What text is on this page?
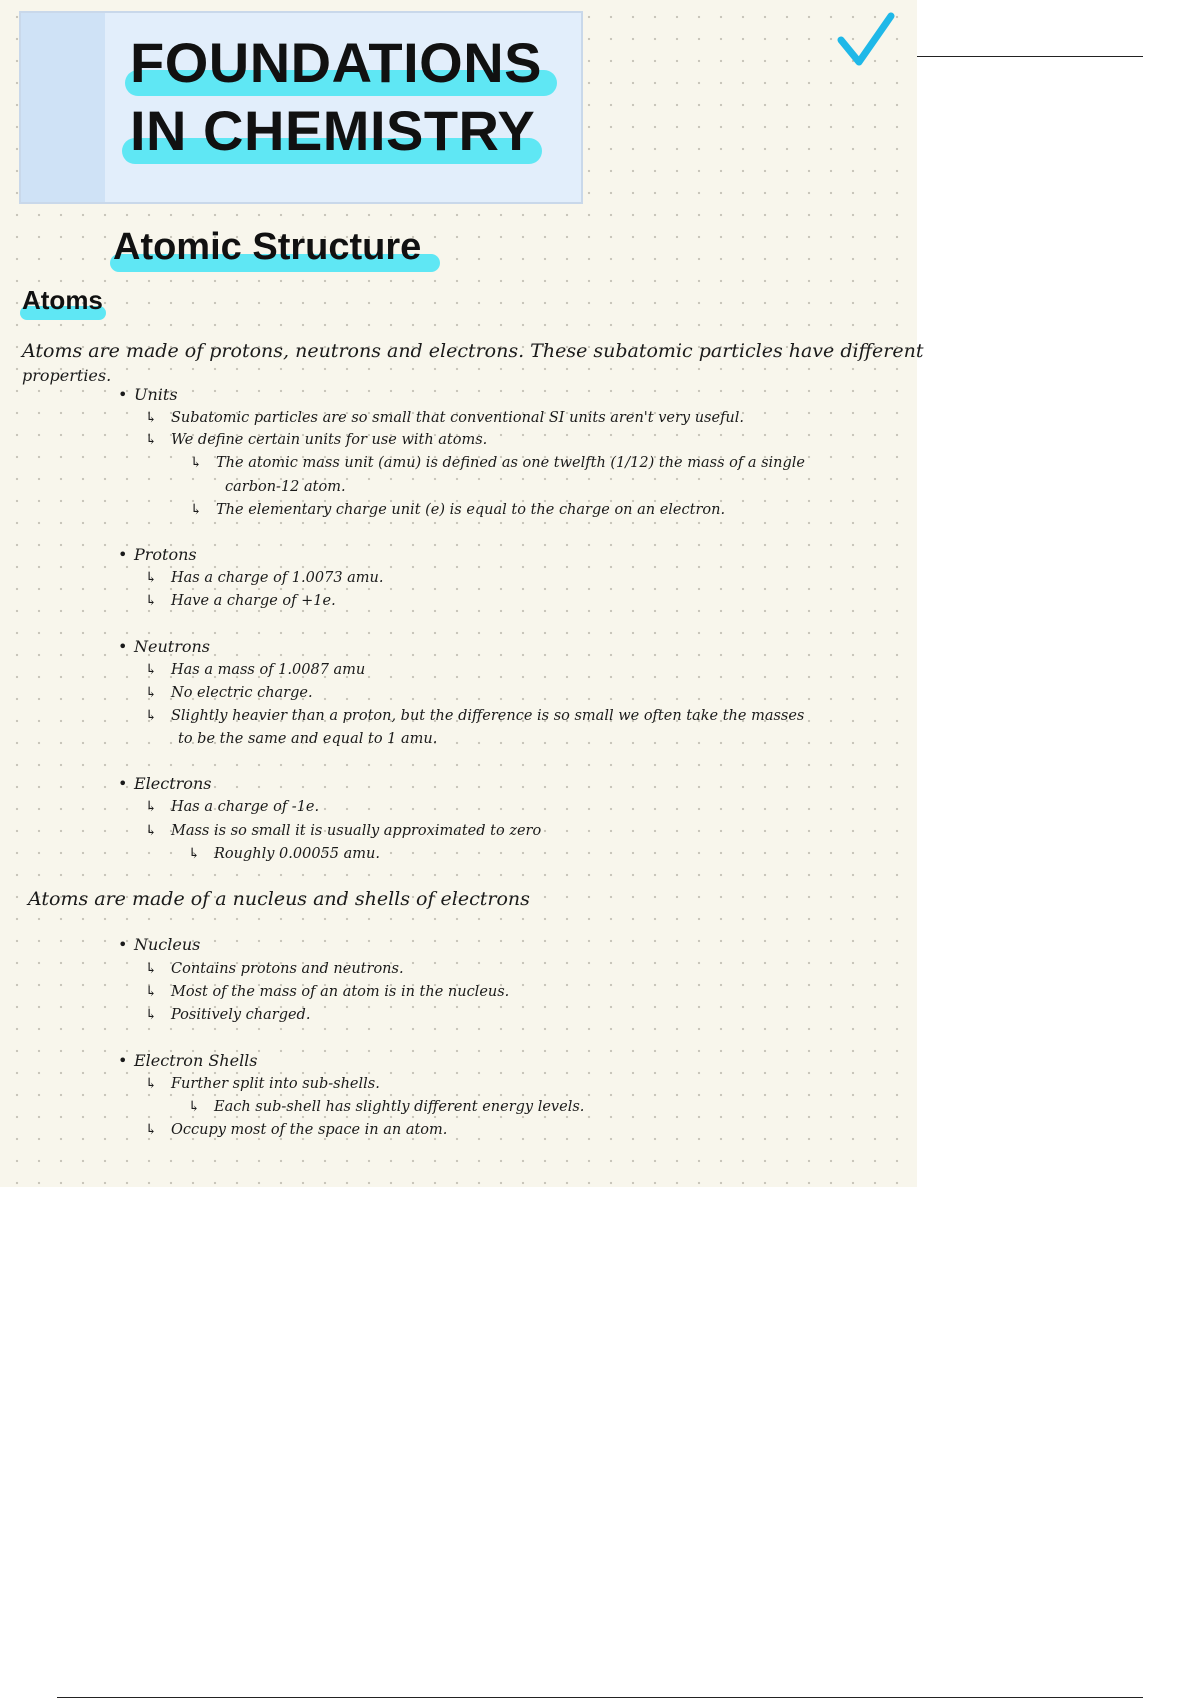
FOUNDATIONS
IN CHEMISTRY
Atomic Structure
Atoms
Atoms are made of protons, neutrons and electrons. These subatomic particles have different
properties.
• Units
↳ Subatomic particles are so small that conventional SI units aren't very useful.
↳ We define certain units for use with atoms.
↳ The atomic mass unit (amu) is defined as one twelfth (1/12) the mass of a single
carbon-12 atom.
↳ The elementary charge unit (e) is equal to the charge on an electron.
• Protons
↳ Has a charge of 1.0073 amu.
↳ Have a charge of +1e.
• Neutrons
↳ Has a mass of 1.0087 amu
↳ No electric charge.
↳ Slightly heavier than a proton, but the difference is so small we often take the masses
to be the same and equal to 1 amu.
• Electrons
↳ Has a charge of -1e.
↳ Mass is so small it is usually approximated to zero
↳ Roughly 0.00055 amu.
Atoms are made of a nucleus and shells of electrons
• Nucleus
↳ Contains protons and neutrons.
↳ Most of the mass of an atom is in the nucleus.
↳ Positively charged.
• Electron Shells
↳ Further split into sub-shells.
↳ Each sub-shell has slightly different energy levels.
↳ Occupy most of the space in an atom.
